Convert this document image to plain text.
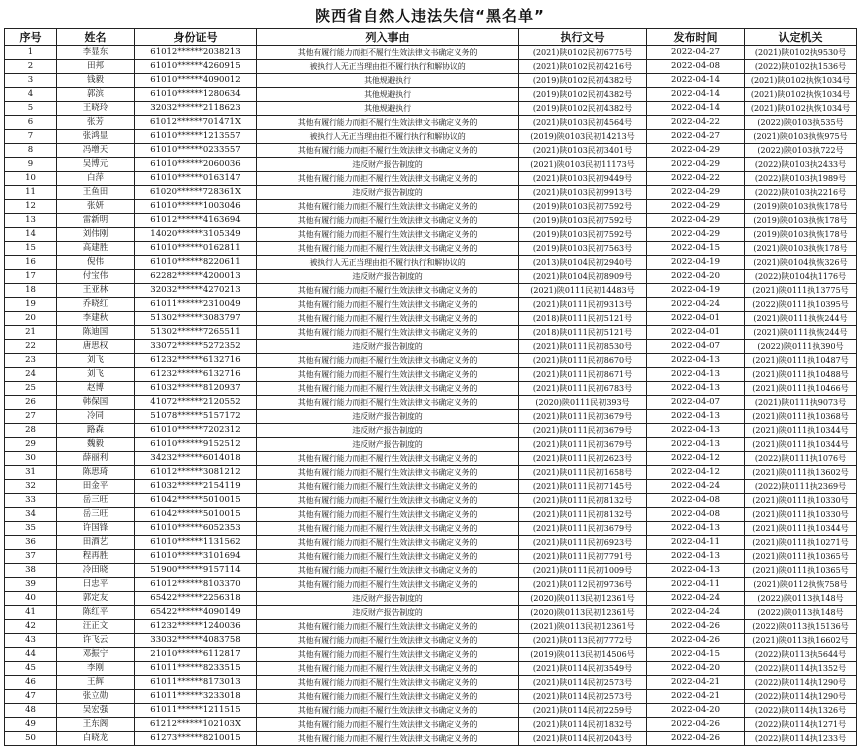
陕西省自然人违法失信“黑名单”
序号	姓名	身份证号	列入事由	执行文号	发布时间	认定机关
1	李显东	61012******2038213	其他有履行能力而拒不履行生效法律文书确定义务的	(2021)陕0102民初6775号	2022-04-27	(2021)陕0102执9530号
2	田邦	61010******4260915	被执行人无正当理由拒不履行执行和解协议的	(2021)陕0102民初4216号	2022-04-08	(2022)陕0102执1536号
3	钱毅	61010******4090012	其他规避执行	(2019)陕0102民初4382号	2022-04-14	(2021)陕0102执恢1034号
4	郭滨	61010******1280634	其他规避执行	(2019)陕0102民初4382号	2022-04-14	(2021)陕0102执恢1034号
5	王晓玲	32032******2118623	其他规避执行	(2019)陕0102民初4382号	2022-04-14	(2021)陕0102执恢1034号
6	张芳	61012******701471X	其他有履行能力而拒不履行生效法律文书确定义务的	(2021)陕0103民初4564号	2022-04-22	(2022)陕0103执535号
7	张鸿显	61010******1213557	被执行人无正当理由拒不履行执行和解协议的	(2019)陕0103民初14213号	2022-04-27	(2021)陕0103执恢975号
8	冯增天	61010******0233557	其他有履行能力而拒不履行生效法律文书确定义务的	(2021)陕0103民初3401号	2022-04-29	(2022)陕0103执722号
9	吴博元	61010******2060036	违反财产报告制度的	(2021)陕0103民初11173号	2022-04-29	(2022)陕0103执2433号
10	白萍	61010******0163147	其他有履行能力而拒不履行生效法律文书确定义务的	(2021)陕0103民初9449号	2022-04-22	(2022)陕0103执1989号
11	王鱼田	61020******728361X	违反财产报告制度的	(2021)陕0103民初9913号	2022-04-29	(2022)陕0103执2216号
12	张妍	61010******1003046	其他有履行能力而拒不履行生效法律文书确定义务的	(2019)陕0103民初7592号	2022-04-29	(2019)陕0103执恢178号
13	雷新明	61012******4163694	其他有履行能力而拒不履行生效法律文书确定义务的	(2019)陕0103民初7592号	2022-04-29	(2019)陕0103执恢178号
14	刘伟刚	14020******3105349	其他有履行能力而拒不履行生效法律文书确定义务的	(2019)陕0103民初7592号	2022-04-29	(2019)陕0103执恢178号
15	高建胜	61010******0162811	其他有履行能力而拒不履行生效法律文书确定义务的	(2019)陕0103民初7563号	2022-04-15	(2021)陕0103执恢178号
16	倪伟	61010******8220611	被执行人无正当理由拒不履行执行和解协议的	(2013)陕0104民初2940号	2022-04-19	(2021)陕0104执恢326号
17	付宝伟	62282******4200013	违反财产报告制度的	(2021)陕0104民初8909号	2022-04-20	(2022)陕0104执1176号
18	王亚林	32032******4270213	其他有履行能力而拒不履行生效法律文书确定义务的	(2021)陕0111民初14483号	2022-04-19	(2021)陕0111执13775号
19	乔晓红	61011******2310049	其他有履行能力而拒不履行生效法律文书确定义务的	(2021)陕0111民初9313号	2022-04-24	(2022)陕0111执10395号
20	李建秋	51302******3083797	其他有履行能力而拒不履行生效法律文书确定义务的	(2018)陕0111民初5121号	2022-04-01	(2021)陕0111执恢244号
21	陈迪国	51302******7265511	其他有履行能力而拒不履行生效法律文书确定义务的	(2018)陕0111民初5121号	2022-04-01	(2021)陕0111执恢244号
22	唐思权	33072******5272352	违反财产报告制度的	(2021)陕0111民初8530号	2022-04-07	(2022)陕0111执390号
23	刘飞	61232******6132716	其他有履行能力而拒不履行生效法律文书确定义务的	(2021)陕0111民初8670号	2022-04-13	(2021)陕0111执10487号
24	刘飞	61232******6132716	其他有履行能力而拒不履行生效法律文书确定义务的	(2021)陕0111民初8671号	2022-04-13	(2021)陕0111执10488号
25	赵博	61032******8120937	其他有履行能力而拒不履行生效法律文书确定义务的	(2021)陕0111民初6783号	2022-04-13	(2021)陕0111执10466号
26	韩保国	41072******2120552	其他有履行能力而拒不履行生效法律文书确定义务的	(2020)陕0111民初393号	2022-04-07	(2021)陕0111执9073号
27	冷同	51078******5157172	违反财产报告制度的	(2021)陕0111民初3679号	2022-04-13	(2021)陕0111执10368号
28	路森	61010******7202312	违反财产报告制度的	(2021)陕0111民初3679号	2022-04-13	(2021)陕0111执10344号
29	魏毅	61010******9152512	违反财产报告制度的	(2021)陕0111民初3679号	2022-04-13	(2021)陕0111执10344号
30	薛丽利	34232******6014018	其他有履行能力而拒不履行生效法律文书确定义务的	(2021)陕0111民初2623号	2022-04-12	(2022)陕0111执1076号
31	陈思琦	61012******3081212	其他有履行能力而拒不履行生效法律文书确定义务的	(2021)陕0111民初1658号	2022-04-12	(2021)陕0111执13602号
32	田金平	61032******2154119	其他有履行能力而拒不履行生效法律文书确定义务的	(2021)陕0111民初7145号	2022-04-24	(2022)陕0111执2369号
33	岳三旺	61042******5010015	其他有履行能力而拒不履行生效法律文书确定义务的	(2021)陕0111民初8132号	2022-04-08	(2021)陕0111执10330号
34	岳三旺	61042******5010015	其他有履行能力而拒不履行生效法律文书确定义务的	(2021)陕0111民初8132号	2022-04-08	(2021)陕0111执10330号
35	许国锋	61010******6052353	其他有履行能力而拒不履行生效法律文书确定义务的	(2021)陕0111民初3679号	2022-04-13	(2021)陕0111执10344号
36	田酒艺	61010******1131562	其他有履行能力而拒不履行生效法律文书确定义务的	(2021)陕0111民初6923号	2022-04-11	(2021)陕0111执10271号
37	程再胜	61010******3101694	其他有履行能力而拒不履行生效法律文书确定义务的	(2021)陕0111民初7791号	2022-04-13	(2021)陕0111执10365号
38	冷田晓	51900******9157114	其他有履行能力而拒不履行生效法律文书确定义务的	(2021)陕0111民初1009号	2022-04-13	(2021)陕0111执10365号
39	曰忠平	61012******8103370	其他有履行能力而拒不履行生效法律文书确定义务的	(2021)陕0112民初9736号	2022-04-11	(2021)陕0112执恢758号
40	郭定友	65422******2256318	违反财产报告制度的	(2020)陕0113民初12361号	2022-04-24	(2022)陕0113执148号
41	陈红平	65422******4090149	违反财产报告制度的	(2020)陕0113民初12361号	2022-04-24	(2022)陕0113执148号
42	汪正文	61232******1240036	其他有履行能力而拒不履行生效法律文书确定义务的	(2021)陕0113民初12361号	2022-04-26	(2022)陕0113执15136号
43	许飞云	33032******4083758	其他有履行能力而拒不履行生效法律文书确定义务的	(2021)陕0113民初7772号	2022-04-26	(2021)陕0113执16602号
44	邓振宁	21010******6112817	其他有履行能力而拒不履行生效法律文书确定义务的	(2019)陕0113民初14506号	2022-04-15	(2022)陕0113执5644号
45	李刚	61011******8233515	其他有履行能力而拒不履行生效法律文书确定义务的	(2021)陕0114民初3549号	2022-04-20	(2022)陕0114执1352号
46	王辉	61011******8173013	其他有履行能力而拒不履行生效法律文书确定义务的	(2021)陕0114民初2573号	2022-04-21	(2022)陕0114执1290号
47	张立勋	61011******3233018	其他有履行能力而拒不履行生效法律文书确定义务的	(2021)陕0114民初2573号	2022-04-21	(2022)陕0114执1290号
48	吴宏强	61011******1211515	其他有履行能力而拒不履行生效法律文书确定义务的	(2021)陕0114民初2259号	2022-04-20	(2022)陕0114执1326号
49	王东阁	61212******102103X	其他有履行能力而拒不履行生效法律文书确定义务的	(2021)陕0114民初1832号	2022-04-26	(2022)陕0114执1271号
50	白晓龙	61273******8210015	其他有履行能力而拒不履行生效法律文书确定义务的	(2021)陕0114民初2043号	2022-04-26	(2022)陕0114执1233号
